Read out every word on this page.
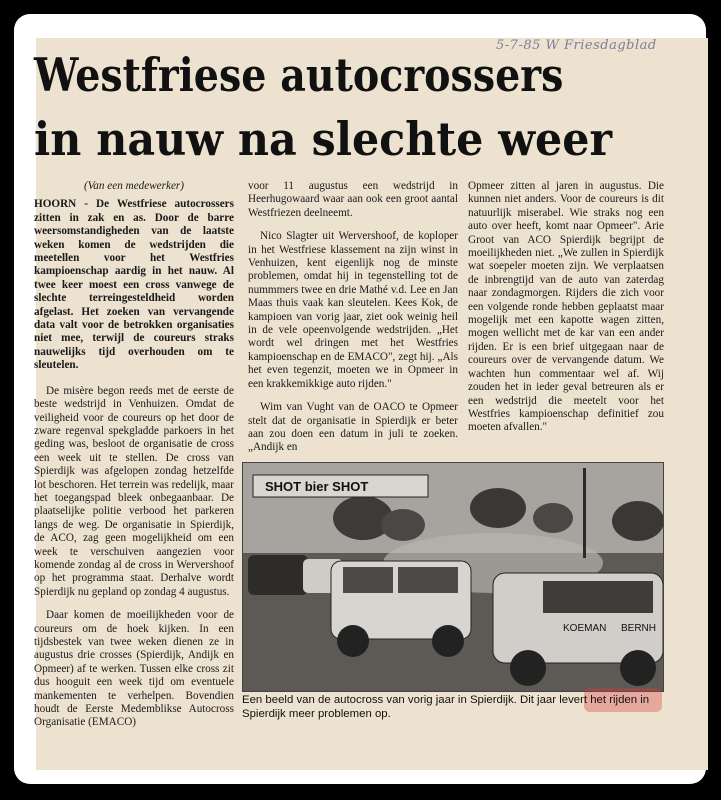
5-7-85 W Friesdagblad
Westfriese autocrossers
in nauw na slechte weer
(Van een medewerker)
HOORN - De Westfriese autocrossers zitten in zak en as. Door de barre weersomstandigheden van de laatste weken komen de wedstrijden die meetellen voor het Westfries kampioenschap aardig in het nauw. Al twee keer moest een cross vanwege de slechte terreingesteldheid worden afgelast. Het zoeken van vervangende data valt voor de betrokken organisaties niet mee, terwijl de coureurs straks nauwelijks tijd overhouden om te sleutelen.

De misère begon reeds met de eerste de beste wedstrijd in Venhuizen. Omdat de veiligheid voor de coureurs op het door de zware regenval spekgladde parkoers in het geding was, besloot de organisatie de cross een week uit te stellen. De cross van Spierdijk was afgelopen zondag hetzelfde lot beschoren. Het terrein was redelijk, maar het toegangspad bleek onbegaanbaar. De plaatselijke politie verbood het parkeren langs de weg. De organisatie in Spierdijk, de ACO, zag geen mogelijkheid om een week te verschuiven aangezien voor komende zondag al de cross in Wervershoof op het programma staat. Derhalve wordt Spierdijk nu gepland op zondag 4 augustus.

Daar komen de moeilijkheden voor de coureurs om de hoek kijken. In een tijdsbestek van twee weken dienen ze in augustus drie crosses (Spierdijk, Andijk en Opmeer) af te werken. Tussen elke cross zit dus hooguit een week tijd om eventuele mankementen te verhelpen. Bovendien houdt de Eerste Medemblikse Autocross Organisatie (EMACO)

voor 11 augustus een wedstrijd in Heerhugowaard waar aan ook een groot aantal Westfriezen deelneemt.

Nico Slagter uit Wervershoof, de koploper in het Westfriese klassement na zijn winst in Venhuizen, kent eigenlijk nog de minste problemen, omdat hij in tegenstelling tot de nummmers twee en drie Mathé v.d. Lee en Jan Maas thuis vaak kan sleutelen. Kees Kok, de kampioen van vorig jaar, ziet ook weinig heil in de vele opeenvolgende wedstrijden. „Het wordt wel dringen met het Westfries kampioenschap en de EMACO", zegt hij. „Als het even tegenzit, moeten we in Opmeer in een krakkemikkige auto rijden."

Wim van Vught van de OACO te Opmeer stelt dat de organisatie in Spierdijk er beter aan zou doen een datum in juli te zoeken. „Andijk en

Opmeer zitten al jaren in augustus. Die kunnen niet anders. Voor de coureurs is dit natuurlijk miserabel. Wie straks nog een auto over heeft, komt naar Opmeer". Arie Groot van ACO Spierdijk begrijpt de moeilijkheden niet. „We zullen in Spierdijk wat soepeler moeten zijn. We verplaatsen de inbrengtijd van de auto van zaterdag naar zondagmorgen. Rijders die zich voor een volgende ronde hebben geplaatst maar mogelijk met een kapotte wagen zitten, mogen wellicht met de kar van een ander rijden. Er is een brief uitgegaan naar de coureurs over de vervangende datum. We wachten hun commentaar wel af. Wij zouden het in ieder geval betreuren als er een wedstrijd die meetelt voor het Westfries kampioenschap definitief zou moeten afvallen."

SHOT bier SHOT
KOEMAN BERNH
Een beeld van de autocross van vorig jaar in Spierdijk. Dit jaar levert het rijden in Spierdijk meer problemen op.
